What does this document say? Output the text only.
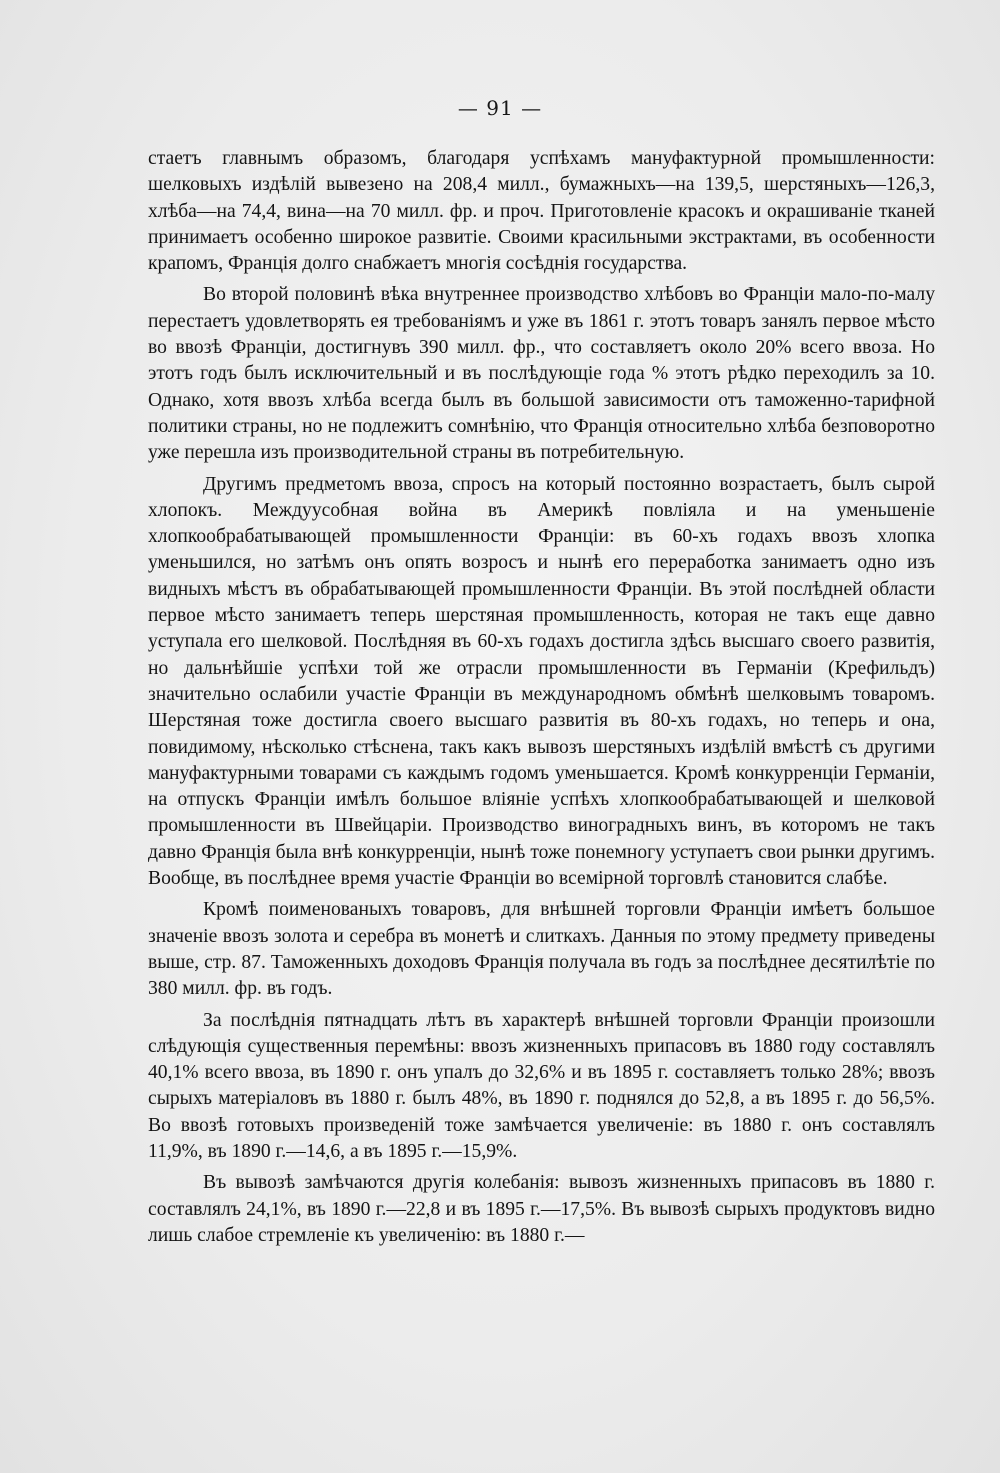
— 91 —

стаетъ главнымъ образомъ, благодаря успѣхамъ мануфактурной промышленности: шелковыхъ издѣлій вывезено на 208,4 милл., бумажныхъ—на 139,5, шерстяныхъ—126,3, хлѣба—на 74,4, вина—на 70 милл. фр. и проч. Приготовленіе красокъ и окрашиваніе тканей принимаетъ особенно широкое развитіе. Своими красильными экстрактами, въ особенности крапомъ, Франція долго снабжаетъ многія сосѣднія государства.

Во второй половинѣ вѣка внутреннее производство хлѣбовъ во Франціи мало-по-малу перестаетъ удовлетворять ея требованіямъ и уже въ 1861 г. этотъ товаръ занялъ первое мѣсто во ввозѣ Франціи, достигнувъ 390 милл. фр., что составляетъ около 20% всего ввоза. Но этотъ годъ былъ исключительный и въ послѣдующіе года % этотъ рѣдко переходилъ за 10. Однако, хотя ввозъ хлѣба всегда былъ въ большой зависимости отъ таможенно-тарифной политики страны, но не подлежитъ сомнѣнію, что Франція относительно хлѣба безповоротно уже перешла изъ производительной страны въ потребительную.

Другимъ предметомъ ввоза, спросъ на который постоянно возрастаетъ, былъ сырой хлопокъ. Междуусобная война въ Америкѣ повліяла и на уменьшеніе хлопкообрабатывающей промышленности Франціи: въ 60-хъ годахъ ввозъ хлопка уменьшился, но затѣмъ онъ опять возросъ и нынѣ его переработка занимаетъ одно изъ видныхъ мѣстъ въ обрабатывающей промышленности Франціи. Въ этой послѣдней области первое мѣсто занимаетъ теперь шерстяная промышленность, которая не такъ еще давно уступала его шелковой. Послѣдняя въ 60-хъ годахъ достигла здѣсь высшаго своего развитія, но дальнѣйшіе успѣхи той же отрасли промышленности въ Германіи (Крефильдъ) значительно ослабили участіе Франціи въ международномъ обмѣнѣ шелковымъ товаромъ. Шерстяная тоже достигла своего высшаго развитія въ 80-хъ годахъ, но теперь и она, повидимому, нѣсколько стѣснена, такъ какъ вывозъ шерстяныхъ издѣлій вмѣстѣ съ другими мануфактурными товарами съ каждымъ годомъ уменьшается. Кромѣ конкурренціи Германіи, на отпускъ Франціи имѣлъ большое вліяніе успѣхъ хлопкообрабатывающей и шелковой промышленности въ Швейцаріи. Производство виноградныхъ винъ, въ которомъ не такъ давно Франція была внѣ конкурренціи, нынѣ тоже понемногу уступаетъ свои рынки другимъ. Вообще, въ послѣднее время участіе Франціи во всемірной торговлѣ становится слабѣе.

Кромѣ поименованыхъ товаровъ, для внѣшней торговли Франціи имѣетъ большое значеніе ввозъ золота и серебра въ монетѣ и слиткахъ. Данныя по этому предмету приведены выше, стр. 87. Таможенныхъ доходовъ Франція получала въ годъ за послѣднее десятилѣтіе по 380 милл. фр. въ годъ.

За послѣднія пятнадцать лѣтъ въ характерѣ внѣшней торговли Франціи произошли слѣдующія существенныя перемѣны: ввозъ жизненныхъ припасовъ въ 1880 году составлялъ 40,1% всего ввоза, въ 1890 г. онъ упалъ до 32,6% и въ 1895 г. составляетъ только 28%; ввозъ сырыхъ матеріаловъ въ 1880 г. былъ 48%, въ 1890 г. поднялся до 52,8, а въ 1895 г. до 56,5%. Во ввозѣ готовыхъ произведеній тоже замѣчается увеличеніе: въ 1880 г. онъ составлялъ 11,9%, въ 1890 г.—14,6, а въ 1895 г.—15,9%.

Въ вывозѣ замѣчаются другія колебанія: вывозъ жизненныхъ припасовъ въ 1880 г. составлялъ 24,1%, въ 1890 г.—22,8 и въ 1895 г.—17,5%. Въ вывозѣ сырыхъ продуктовъ видно лишь слабое стремленіе къ увеличенію: въ 1880 г.—
